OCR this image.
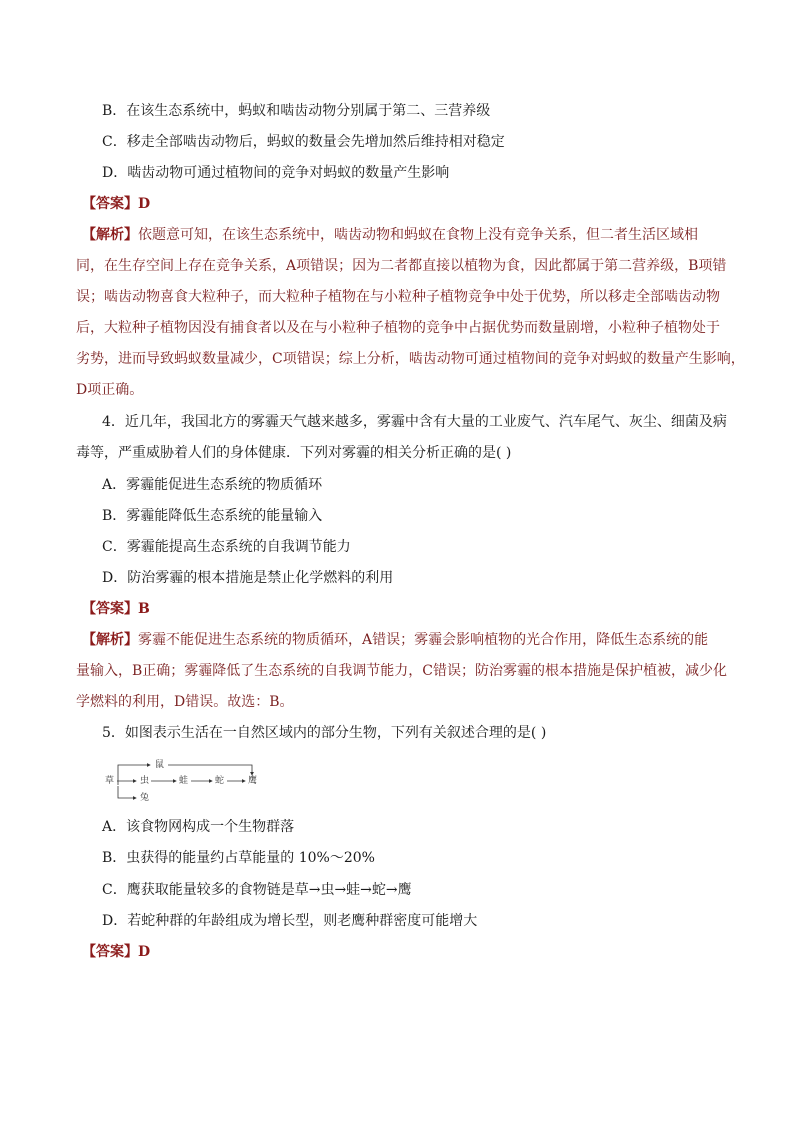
B．在该生态系统中，蚂蚁和啮齿动物分别属于第二、三营养级
C．移走全部啮齿动物后，蚂蚁的数量会先增加然后维持相对稳定
D．啮齿动物可通过植物间的竞争对蚂蚁的数量产生影响
【答案】D
【解析】依题意可知，在该生态系统中，啮齿动物和蚂蚁在食物上没有竞争关系，但二者生活区域相
同，在生存空间上存在竞争关系，A项错误；因为二者都直接以植物为食，因此都属于第二营养级，B项错
误；啮齿动物喜食大粒种子，而大粒种子植物在与小粒种子植物竞争中处于优势，所以移走全部啮齿动物
后，大粒种子植物因没有捕食者以及在与小粒种子植物的竞争中占据优势而数量剧增，小粒种子植物处于
劣势，进而导致蚂蚁数量减少，C项错误；综上分析，啮齿动物可通过植物间的竞争对蚂蚁的数量产生影响，
D项正确。
4．近几年，我国北方的雾霾天气越来越多，雾霾中含有大量的工业废气、汽车尾气、灰尘、细菌及病
毒等，严重威胁着人们的身体健康．下列对雾霾的相关分析正确的是( )
A．雾霾能促进生态系统的物质循环
B．雾霾能降低生态系统的能量输入
C．雾霾能提高生态系统的自我调节能力
D．防治雾霾的根本措施是禁止化学燃料的利用
【答案】B
【解析】雾霾不能促进生态系统的物质循环，A错误；雾霾会影响植物的光合作用，降低生态系统的能
量输入，B正确；雾霾降低了生态系统的自我调节能力，C错误；防治雾霾的根本措施是保护植被，减少化
学燃料的利用，D错误。故选：B。
5．如图表示生活在一自然区域内的部分生物，下列有关叙述合理的是( )
草	虫	蛙	蛇	鹰
鼠
兔
A．该食物网构成一个生物群落
B．虫获得的能量约占草能量的 10%～20%
C．鹰获取能量较多的食物链是草→虫→蛙→蛇→鹰
D．若蛇种群的年龄组成为增长型，则老鹰种群密度可能增大
【答案】D
